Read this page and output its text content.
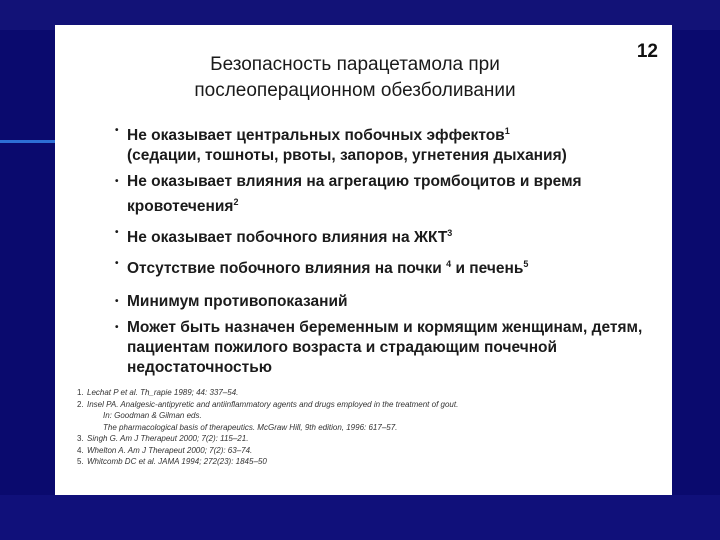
12
Безопасность парацетамола при
послеоперационном обезболивании
• Не оказывает центральных побочных эффектов$^1$
(седации, тошноты, рвоты, запоров, угнетения дыхания)
• Не оказывает влияния на агрегацию тромбоцитов и время кровотечения$^2$
• Не оказывает побочного влияния на ЖКТ$^3$
• Отсутствие побочного влияния на почки $^4$ и печень$^5$
• Минимум противопоказаний
• Может быть назначен беременным и кормящим женщинам, детям, пациентам пожилого возраста и страдающим почечной недостаточностью
1. Lechat P et al. Th_rapie 1989; 44: 337–54.
2. Insel PA. Analgesic-antipyretic and antiinflammatory agents and drugs employed in the treatment of gout.
In: Goodman & Gilman eds.
The pharmacological basis of therapeutics. McGraw Hill, 9th edition, 1996: 617–57.
3. Singh G. Am J Therapeut 2000; 7(2): 115–21.
4. Whelton A. Am J Therapeut 2000; 7(2): 63–74.
5. Whitcomb DC et al. JAMA 1994; 272(23): 1845–50
